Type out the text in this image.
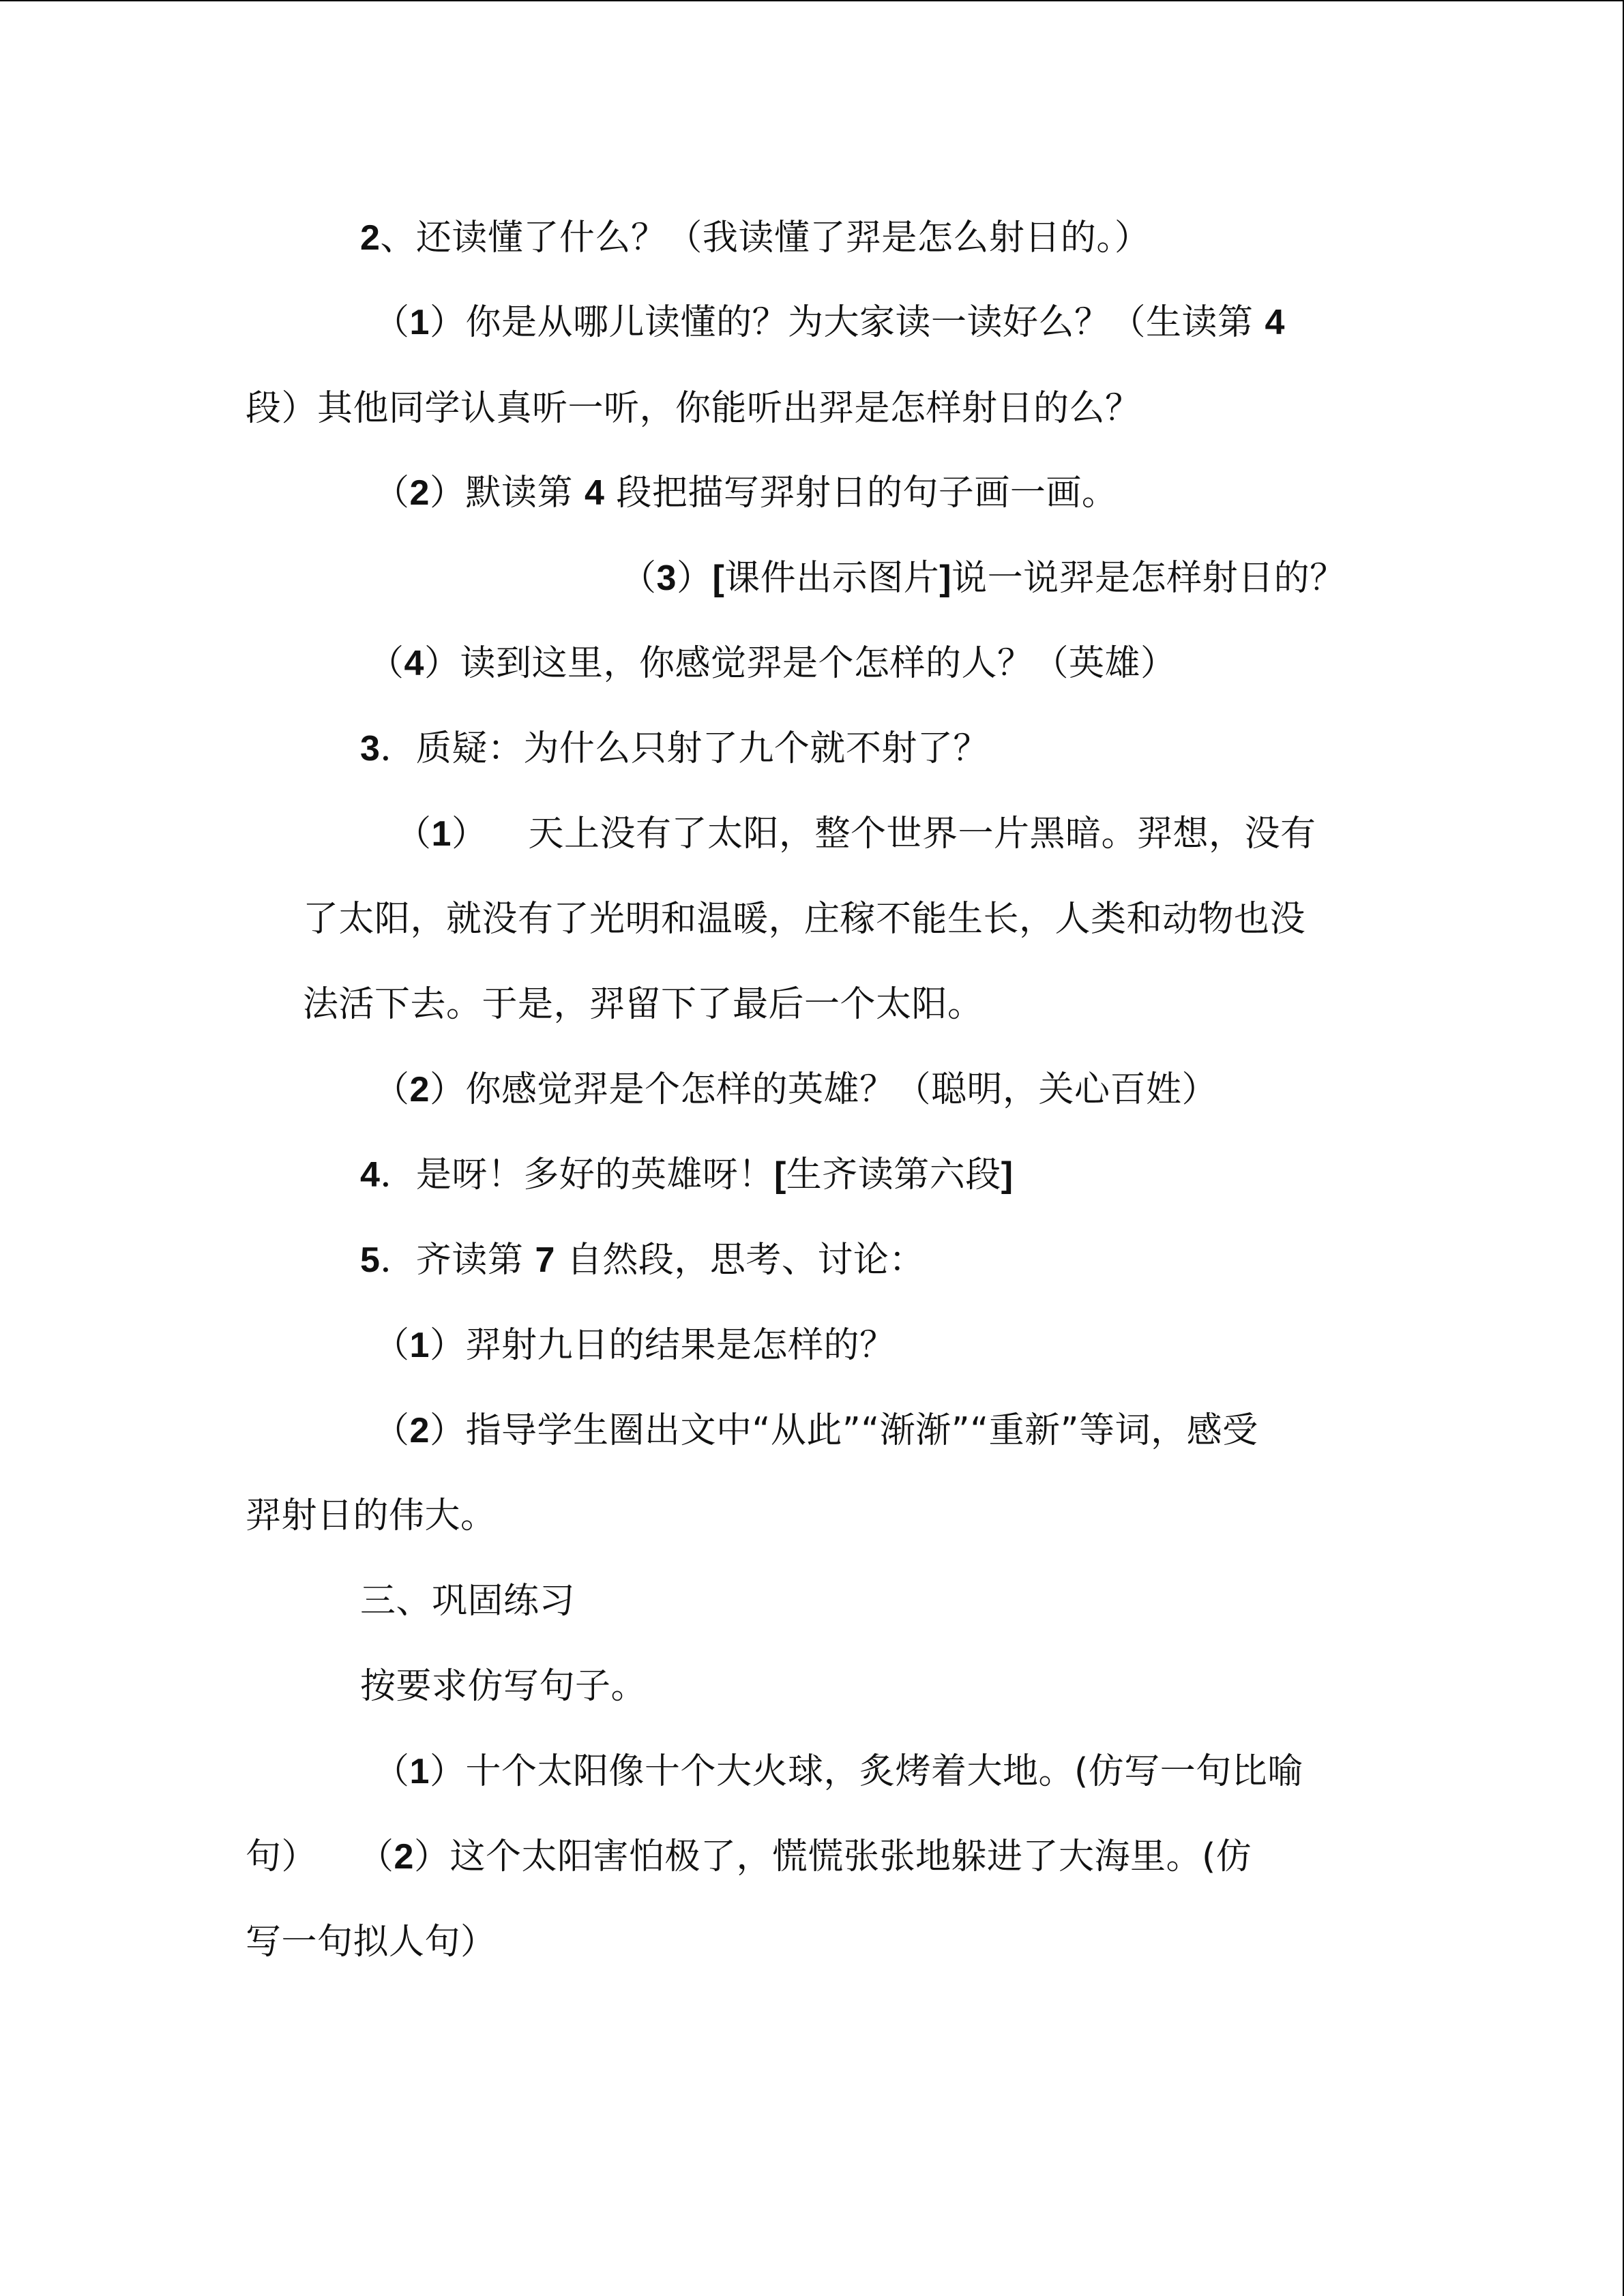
2、还读懂了什么？（我读懂了羿是怎么射日的。）
（1）你是从哪儿读懂的？为大家读一读好么？（生读第 4
段）其他同学认真听一听，你能听出羿是怎样射日的么？
（2）默读第 4 段把描写羿射日的句子画一画。
（3）[课件出示图片]说一说羿是怎样射日的？
（4）读到这里，你感觉羿是个怎样的人？（英雄）
3．质疑：为什么只射了九个就不射了？
（1） 天上没有了太阳，整个世界一片黑暗。羿想，没有
了太阳，就没有了光明和温暖，庄稼不能生长，人类和动物也没
法活下去。于是，羿留下了最后一个太阳。
（2）你感觉羿是个怎样的英雄？（聪明，关心百姓）
4．是呀！多好的英雄呀！[生齐读第六段]
5．齐读第 7 自然段，思考、讨论：
（1）羿射九日的结果是怎样的？
（2）指导学生圈出文中“从此”“渐渐”“重新”等词，感受
羿射日的伟大。
三、巩固练习
按要求仿写句子。
（1）十个太阳像十个大火球，炙烤着大地。(仿写一句比喻
句） （2）这个太阳害怕极了，慌慌张张地躲进了大海里。(仿
写一句拟人句）
